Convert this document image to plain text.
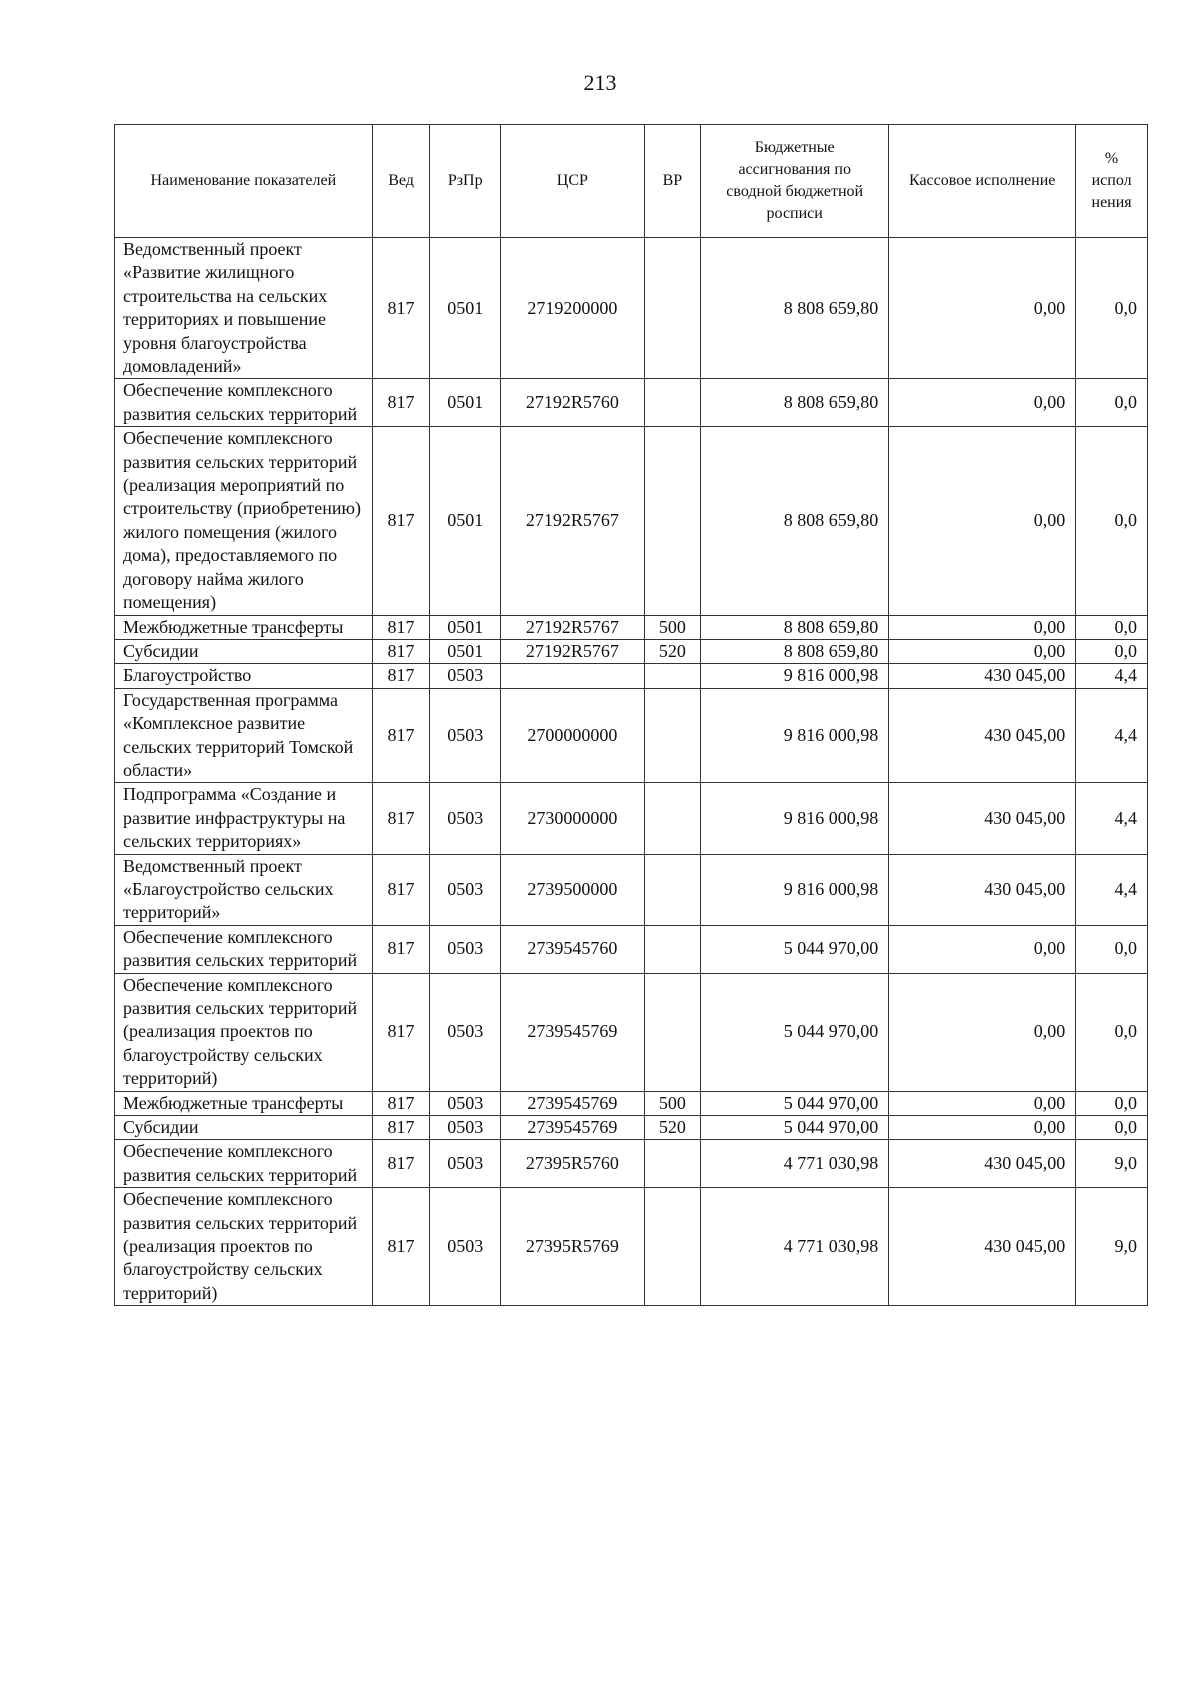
213
Наименование показателей	Вед	РзПр	ЦСР	ВР	Бюджетные ассигнования по сводной бюджетной росписи	Кассовое исполнение	% испол нения
Ведомственный проект «Развитие жилищного строительства на сельских территориях и повышение уровня благоустройства домовладений»	817	0501	2719200000		8 808 659,80	0,00	0,0
Обеспечение комплексного развития сельских территорий	817	0501	27192R5760		8 808 659,80	0,00	0,0
Обеспечение комплексного развития сельских территорий (реализация мероприятий по строительству (приобретению) жилого помещения (жилого дома), предоставляемого по договору найма жилого помещения)	817	0501	27192R5767		8 808 659,80	0,00	0,0
Межбюджетные трансферты	817	0501	27192R5767	500	8 808 659,80	0,00	0,0
Субсидии	817	0501	27192R5767	520	8 808 659,80	0,00	0,0
Благоустройство	817	0503			9 816 000,98	430 045,00	4,4
Государственная программа «Комплексное развитие сельских территорий Томской области»	817	0503	2700000000		9 816 000,98	430 045,00	4,4
Подпрограмма «Создание и развитие инфраструктуры на сельских территориях»	817	0503	2730000000		9 816 000,98	430 045,00	4,4
Ведомственный проект «Благоустройство сельских территорий»	817	0503	2739500000		9 816 000,98	430 045,00	4,4
Обеспечение комплексного развития сельских территорий	817	0503	2739545760		5 044 970,00	0,00	0,0
Обеспечение комплексного развития сельских территорий (реализация проектов по благоустройству сельских территорий)	817	0503	2739545769		5 044 970,00	0,00	0,0
Межбюджетные трансферты	817	0503	2739545769	500	5 044 970,00	0,00	0,0
Субсидии	817	0503	2739545769	520	5 044 970,00	0,00	0,0
Обеспечение комплексного развития сельских территорий	817	0503	27395R5760		4 771 030,98	430 045,00	9,0
Обеспечение комплексного развития сельских территорий (реализация проектов по благоустройству сельских территорий)	817	0503	27395R5769		4 771 030,98	430 045,00	9,0
